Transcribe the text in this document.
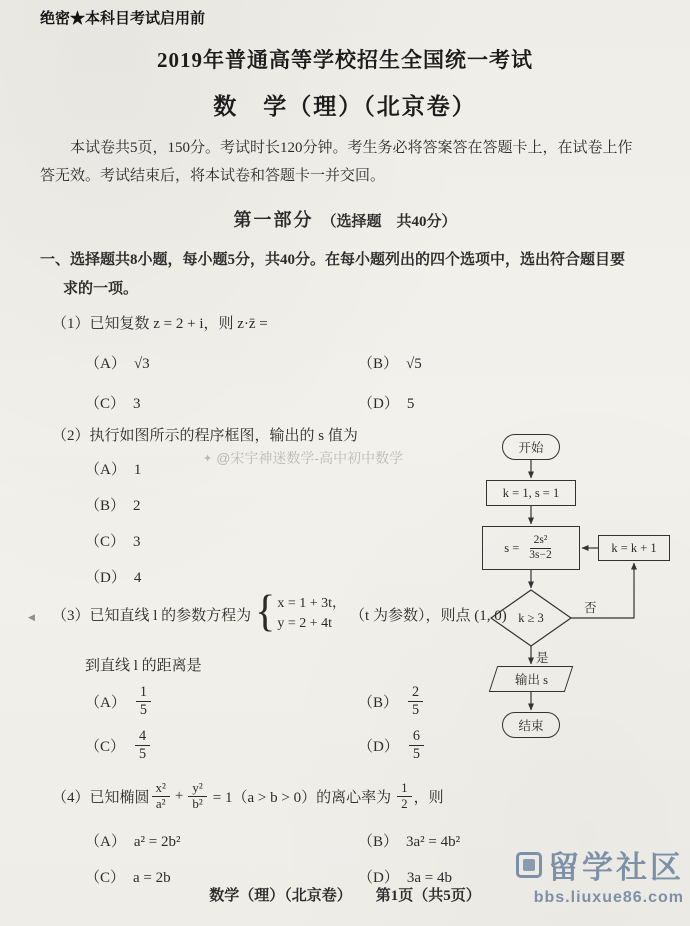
绝密★本科目考试启用前
2019年普通高等学校招生全国统一考试
数　学（理）（北京卷）
本试卷共5页，150分。考试时长120分钟。考生务必将答案答在答题卡上，在试卷上作
答无效。考试结束后，将本试卷和答题卡一并交回。
第一部分 （选择题　共40分）
一、选择题共8小题，每小题5分，共40分。在每小题列出的四个选项中，选出符合题目要
求的一项。
（1）已知复数 z = 2 + i，则 z·z̄ =
（A） √3	（B） √5
（C） 3	（D） 5
（2）执行如图所示的程序框图，输出的 s 值为
（A） 1
（B） 2
（C） 3
（D） 4
✦ @宋宇神迷数学-高中初中数学
◀
开始
k = 1, s = 1
$s = \frac{\text{2s²}}{3s-2}$
k ≥ 3
k = k + 1
输出 s
结束
是
否
（3）已知直线 l 的参数方程为 { x = 1 + 3t，
y = 2 + 4t	（t 为参数），则点 (1, 0)
到直线 l 的距离是
$(A) \frac{1}{5}$	$(B) \frac{2}{5}$
$(C) \frac{4}{5}$	$(D) \frac{6}{5}$
（4）已知椭圆 $\frac{\text{x²}}{\text{a²}} + \frac{\text{y²}}{\text{b²}} = 1(a > b > 0)$的离心率为 $\frac{1}{2}$ ，则
（A） a² = 2b²	（B） 3a² = 4b²
（C） a = 2b	（D） 3a = 4b
数学（理）（北京卷） 第1页（共5页）
留学社区
bbs.liuxue86.com
